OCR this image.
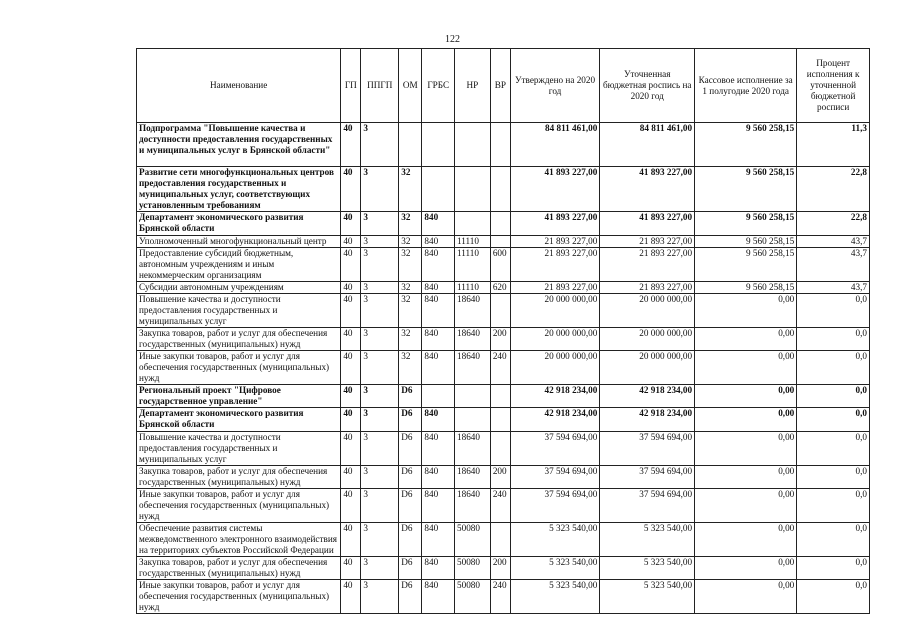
122
Наименование	ГП	ППГП	ОМ	ГРБС	НР	ВР	Утверждено на 2020 год	Уточненная бюджетная роспись на 2020 год	Кассовое исполнение за 1 полугодие 2020 года	Процент исполнения к уточненной бюджетной росписи
Подпрограмма "Повышение качества и доступности предоставления государственных и муниципальных услуг в Брянской области"	40	3					84 811 461,00	84 811 461,00	9 560 258,15	11,3
Развитие сети многофункциональных центров предоставления государственных и муниципальных услуг, соответствующих установленным требованиям	40	3	32				41 893 227,00	41 893 227,00	9 560 258,15	22,8
Департамент экономического развития Брянской области	40	3	32	840			41 893 227,00	41 893 227,00	9 560 258,15	22,8
Уполномоченный многофункциональный центр	40	3	32	840	11110		21 893 227,00	21 893 227,00	9 560 258,15	43,7
Предоставление субсидий бюджетным, автономным учреждениям и иным некоммерческим организациям	40	3	32	840	11110	600	21 893 227,00	21 893 227,00	9 560 258,15	43,7
Субсидии автономным учреждениям	40	3	32	840	11110	620	21 893 227,00	21 893 227,00	9 560 258,15	43,7
Повышение качества и доступности предоставления государственных и муниципальных услуг	40	3	32	840	18640		20 000 000,00	20 000 000,00	0,00	0,0
Закупка товаров, работ и услуг для обеспечения государственных (муниципальных) нужд	40	3	32	840	18640	200	20 000 000,00	20 000 000,00	0,00	0,0
Иные закупки товаров, работ и услуг для обеспечения государственных (муниципальных) нужд	40	3	32	840	18640	240	20 000 000,00	20 000 000,00	0,00	0,0
Региональный проект "Цифровое государственное управление"	40	3	D6				42 918 234,00	42 918 234,00	0,00	0,0
Департамент экономического развития Брянской области	40	3	D6	840			42 918 234,00	42 918 234,00	0,00	0,0
Повышение качества и доступности предоставления государственных и муниципальных услуг	40	3	D6	840	18640		37 594 694,00	37 594 694,00	0,00	0,0
Закупка товаров, работ и услуг для обеспечения государственных (муниципальных) нужд	40	3	D6	840	18640	200	37 594 694,00	37 594 694,00	0,00	0,0
Иные закупки товаров, работ и услуг для обеспечения государственных (муниципальных) нужд	40	3	D6	840	18640	240	37 594 694,00	37 594 694,00	0,00	0,0
Обеспечение развития системы межведомственного электронного взаимодействия на территориях субъектов Российской Федерации	40	3	D6	840	50080		5 323 540,00	5 323 540,00	0,00	0,0
Закупка товаров, работ и услуг для обеспечения государственных (муниципальных) нужд	40	3	D6	840	50080	200	5 323 540,00	5 323 540,00	0,00	0,0
Иные закупки товаров, работ и услуг для обеспечения государственных (муниципальных) нужд	40	3	D6	840	50080	240	5 323 540,00	5 323 540,00	0,00	0,0
